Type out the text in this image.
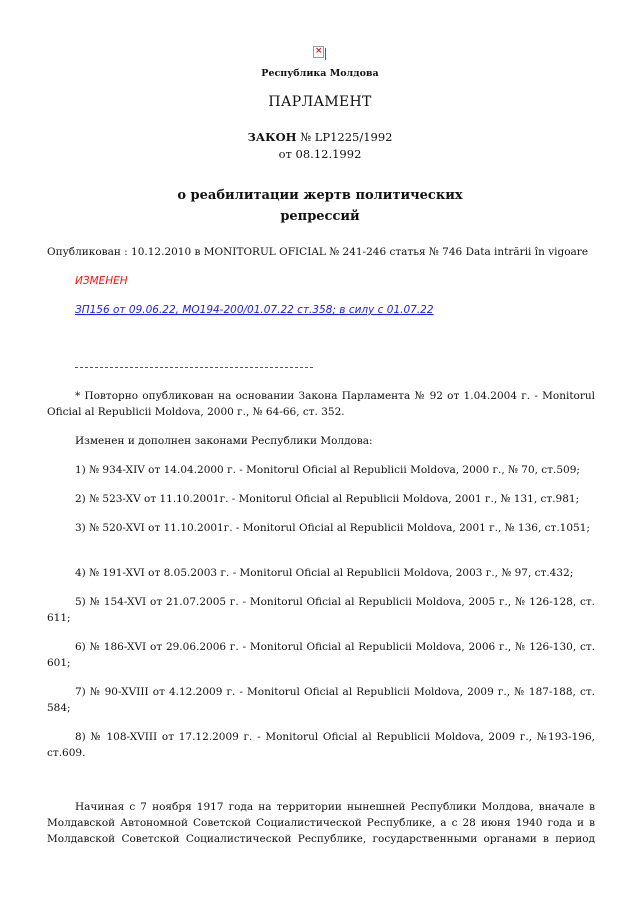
×
Республика Молдова
ПАРЛАМЕНТ
ЗАКОН № LP1225/1992
от 08.12.1992
о реабилитации жертв политических
репрессий
Опубликован : 10.12.2010 в MONITORUL OFICIAL № 241-246 статья № 746 Data intrării în vigoare
ИЗМЕНЕН
ЗП156 от 09.06.22, MO194-200/01.07.22 ст.358; в силу с 01.07.22
* Повторно опубликован на основании Закона Парламента № 92 от 1.04.2004 г. - Monitorul Oficial al Republicii Moldova, 2000 г., № 64-66, ст. 352.
Изменен и дополнен законами Республики Молдова:
1) № 934-XIV от 14.04.2000 г. - Monitorul Oficial al Republicii Moldova, 2000 г., № 70, ст.509;
2) № 523-XV от 11.10.2001г. - Monitorul Oficial al Republicii Moldova, 2001 г., № 131, ст.981;
3) № 520-XVI от 11.10.2001г. - Monitorul Oficial al Republicii Moldova, 2001 г., № 136, ст.1051;
4) № 191-XVI от 8.05.2003 г. - Monitorul Oficial al Republicii Moldova, 2003 г., № 97, ст.432;
5) № 154-XVI от 21.07.2005 г. - Monitorul Oficial al Republicii Moldova, 2005 г., № 126-128, ст. 611;
6) № 186-XVI от 29.06.2006 г. - Monitorul Oficial al Republicii Moldova, 2006 г., № 126-130, ст. 601;
7) № 90-XVIII от 4.12.2009 г. - Monitorul Oficial al Republicii Moldova, 2009 г., № 187-188, ст. 584;
8) № 108-XVIII от 17.12.2009 г. - Monitorul Oficial al Republicii Moldova, 2009 г., №193-196, ст.609.
Начиная с 7 ноября 1917 года на территории нынешней Республики Молдова, вначале в Молдавской Автономной Советской Социалистической Республике, а с 28 июня 1940 года и в Молдавской Советской Социалистической Республике, государственными органами в период
